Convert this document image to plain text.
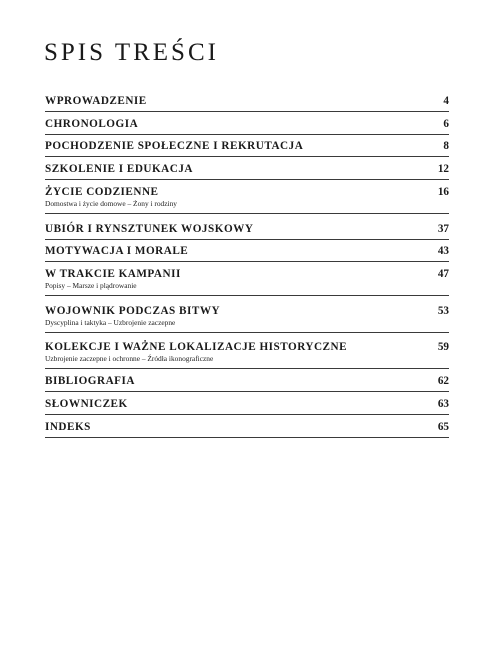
SPIS TREŚCI
WPROWADZENIE	4
CHRONOLOGIA	6
POCHODZENIE SPOŁECZNE I REKRUTACJA	8
SZKOLENIE I EDUKACJA	12
ŻYCIE CODZIENNE	16
Domostwa i życie domowe – Żony i rodziny
UBIÓR I RYNSZTUNEK WOJSKOWY	37
MOTYWACJA I MORALE	43
W TRAKCIE KAMPANII	47
Popisy – Marsze i plądrowanie
WOJOWNIK PODCZAS BITWY	53
Dyscyplina i taktyka – Uzbrojenie zaczepne
KOLEKCJE I WAŻNE LOKALIZACJE HISTORYCZNE	59
Uzbrojenie zaczepne i ochronne – Źródła ikonograficzne
BIBLIOGRAFIA	62
SŁOWNICZEK	63
INDEKS	65
